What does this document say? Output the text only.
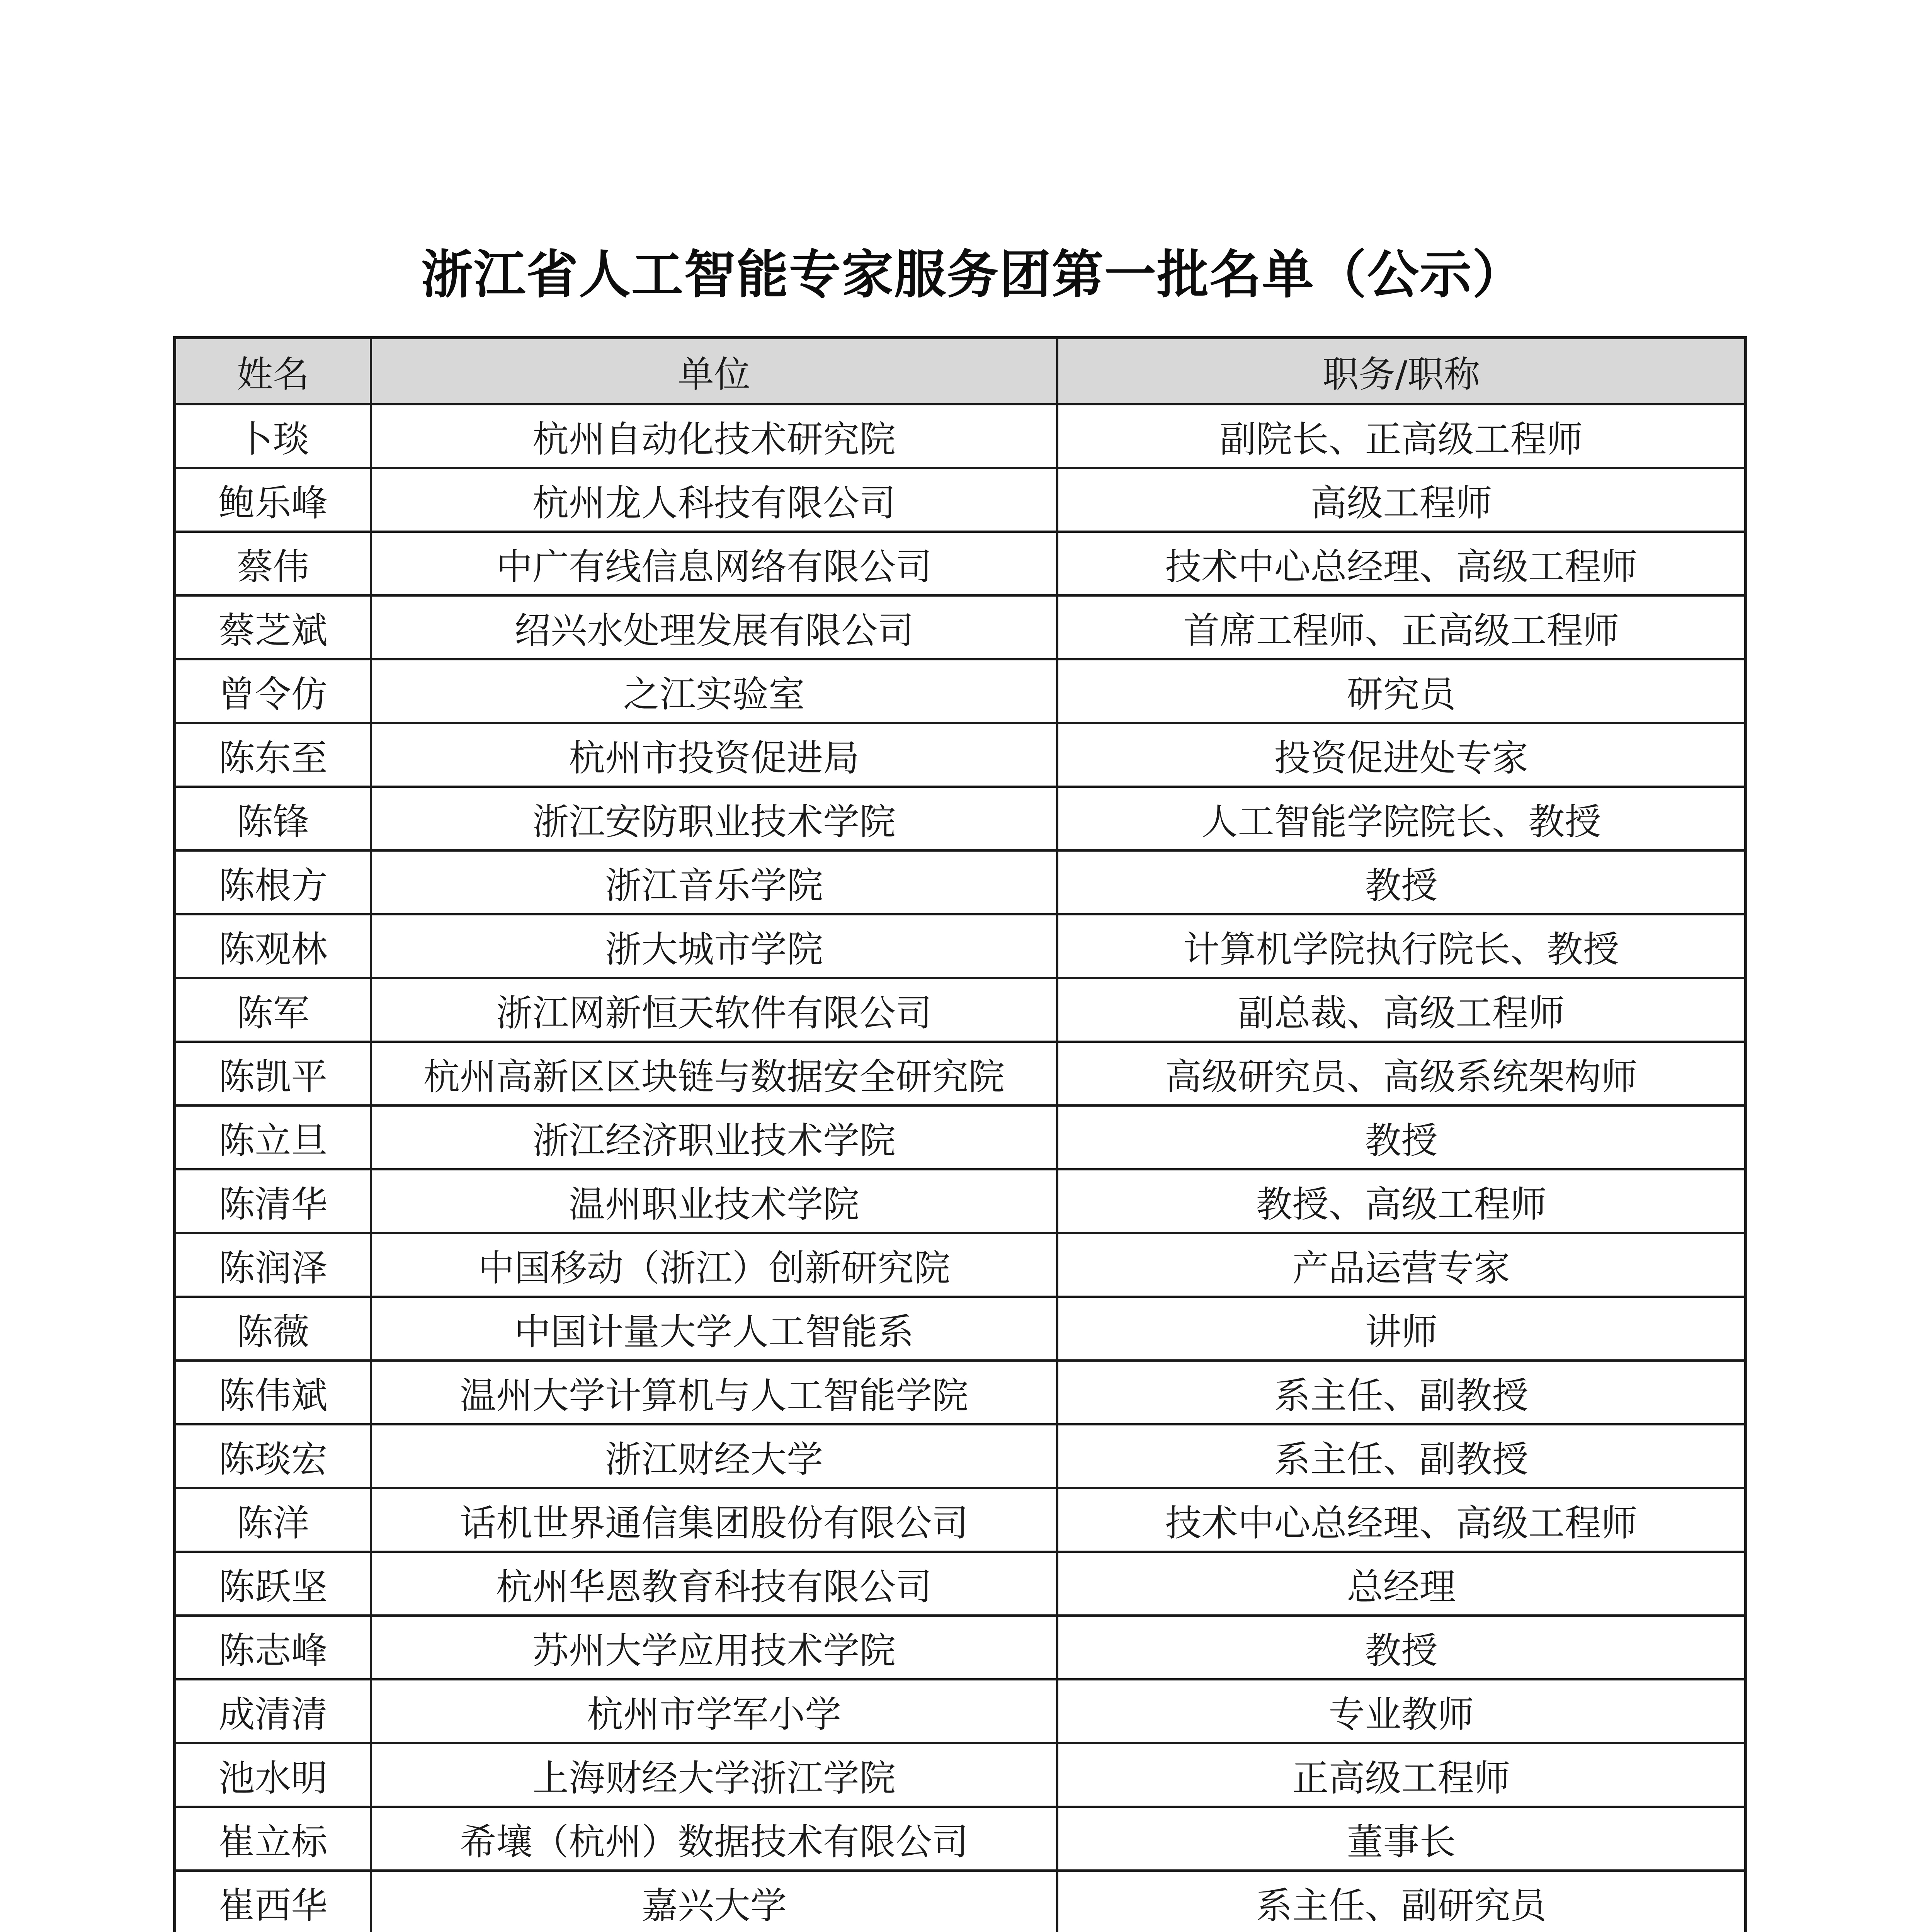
浙江省人工智能专家服务团第一批名单（公示）
姓名	单位	职务/职称
卜琰	杭州自动化技术研究院	副院长、正高级工程师
鲍乐峰	杭州龙人科技有限公司	高级工程师
蔡伟	中广有线信息网络有限公司	技术中心总经理、高级工程师
蔡芝斌	绍兴水处理发展有限公司	首席工程师、正高级工程师
曾令仿	之江实验室	研究员
陈东至	杭州市投资促进局	投资促进处专家
陈锋	浙江安防职业技术学院	人工智能学院院长、教授
陈根方	浙江音乐学院	教授
陈观林	浙大城市学院	计算机学院执行院长、教授
陈军	浙江网新恒天软件有限公司	副总裁、高级工程师
陈凯平	杭州高新区区块链与数据安全研究院	高级研究员、高级系统架构师
陈立旦	浙江经济职业技术学院	教授
陈清华	温州职业技术学院	教授、高级工程师
陈润泽	中国移动（浙江）创新研究院	产品运营专家
陈薇	中国计量大学人工智能系	讲师
陈伟斌	温州大学计算机与人工智能学院	系主任、副教授
陈琰宏	浙江财经大学	系主任、副教授
陈洋	话机世界通信集团股份有限公司	技术中心总经理、高级工程师
陈跃坚	杭州华恩教育科技有限公司	总经理
陈志峰	苏州大学应用技术学院	教授
成清清	杭州市学军小学	专业教师
池水明	上海财经大学浙江学院	正高级工程师
崔立标	希壤（杭州）数据技术有限公司	董事长
崔西华	嘉兴大学	系主任、副研究员
